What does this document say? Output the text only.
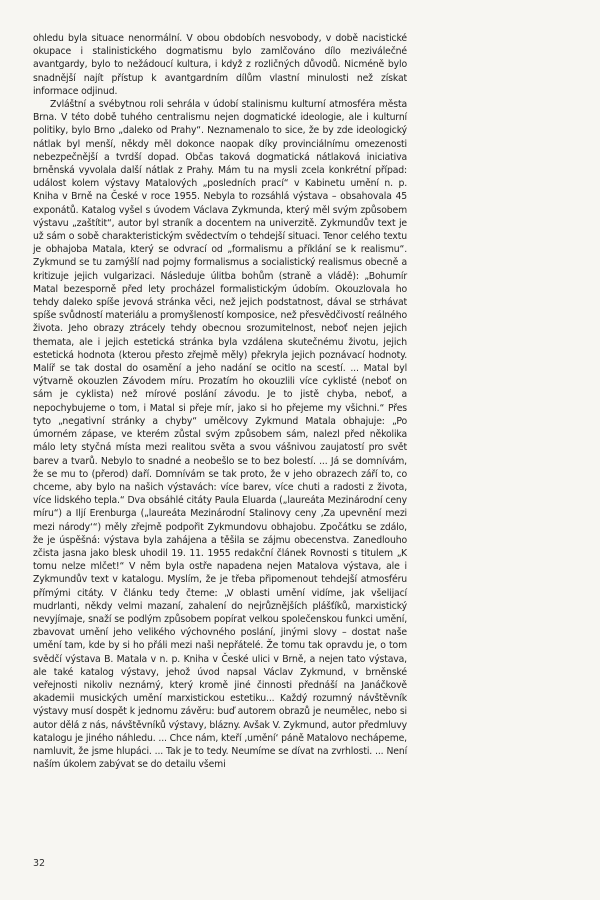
ohledu byla situace nenormální. V obou obdobích nesvobody, v době nacistické okupace i stalinistického dogmatismu bylo zamlčováno dílo meziválečné avantgardy, bylo to nežádoucí kultura, i když z rozličných důvodů. Nicméně bylo snadnější najít přístup k avantgardním dílům vlastní minulosti než získat informace odjinud.

Zvláštní a svébytnou roli sehrála v údobí stalinismu kulturní atmosféra města Brna. V této době tuhého centralismu nejen dogmatické ideologie, ale i kulturní politiky, bylo Brno „daleko od Prahy“. Neznamenalo to sice, že by zde ideologický nátlak byl menší, někdy měl dokonce naopak díky provinciálnímu omezenosti nebezpečnější a tvrdší dopad. Občas taková dogmatická nátlaková iniciativa brněnská vyvolala další nátlak z Prahy. Mám tu na mysli zcela konkrétní případ: událost kolem výstavy Matalových „posledních prací“ v Kabinetu umění n. p. Kniha v Brně na České v roce 1955. Nebyla to rozsáhlá výstava – obsahovala 45 exponátů. Katalog vyšel s úvodem Václava Zykmunda, který měl svým způsobem výstavu „zaštítit“, autor byl straník a docentem na univerzitě. Zykmundův text je už sám o sobě charakteristickým svědectvím o tehdejší situaci. Tenor celého textu je obhajoba Matala, který se odvrací od „formalismu a příklání se k realismu“. Zykmund se tu zamýšlí nad pojmy formalismus a socialistický realismus obecně a kritizuje jejich vulgarizaci. Následuje úlitba bohům (straně a vládě): „Bohumír Matal bezesporně před lety procházel formalistickým údobím. Okouzlovala ho tehdy daleko spíše jevová stránka věci, než jejich podstatnost, dával se strhávat spíše svůdností materiálu a promyšleností komposice, než přesvědčivostí reálného života. Jeho obrazy ztrácely tehdy obecnou srozumitelnost, neboť nejen jejich themata, ale i jejich estetická stránka byla vzdálena skutečnému životu, jejich estetická hodnota (kterou přesto zřejmě měly) překryla jejich poznávací hodnoty. Malíř se tak dostal do osamění a jeho nadání se ocitlo na scestí. ... Matal byl výtvarně okouzlen Závodem míru. Prozatím ho okouzlili více cyklisté (neboť on sám je cyklista) než mírové poslání závodu. Je to jistě chyba, neboť, a nepochybujeme o tom, i Matal si přeje mír, jako si ho přejeme my všichni.“ Přes tyto „negativní stránky a chyby“ umělcovy Zykmund Matala obhajuje: „Po úmorném zápase, ve kterém zůstal svým způsobem sám, nalezl před několika málo lety styčná místa mezi realitou světa a svou vášnivou zaujatostí pro svět barev a tvarů. Nebylo to snadné a neobešlo se to bez bolestí. ... Já se domnívám, že se mu to (přerod) daří. Domnívám se tak proto, že v jeho obrazech září to, co chceme, aby bylo na našich výstavách: více barev, více chuti a radosti z života, více lidského tepla.“ Dva obsáhlé citáty Paula Eluarda („laureáta Mezinárodní ceny míru“) a Iljí Erenburga („laureáta Mezinárodní Stalinovy ceny ‚Za upevnění mezi mezi národy‘“) měly zřejmě podpořit Zykmundovu obhajobu. Zpočátku se zdálo, že je úspěšná: výstava byla zahájena a těšila se zájmu obecenstva. Zanedlouho zčista jasna jako blesk uhodil 19. 11. 1955 redakční článek Rovnosti s titulem „K tomu nelze mlčet!“ V něm byla ostře napadena nejen Matalova výstava, ale i Zykmundův text v katalogu. Myslím, že je třeba připomenout tehdejší atmosféru přímými citáty. V článku tedy čteme: „V oblasti umění vidíme, jak všelijací mudrlanti, někdy velmi mazaní, zahalení do nejrůznějších plášťíků, marxistický nevyjímaje, snaží se podlým způsobem popírat velkou společenskou funkci umění, zbavovat umění jeho velikého výchovného poslání, jinými slovy – dostat naše umění tam, kde by si ho přáli mezi naši nepřátelé. Že tomu tak opravdu je, o tom svědčí výstava B. Matala v n. p. Kniha v České ulici v Brně, a nejen tato výstava, ale také katalog výstavy, jehož úvod napsal Václav Zykmund, v brněnské veřejnosti nikoliv neznámý, který kromě jiné činnosti přednáší na Janáčkově akademii musických umění marxistickou estetiku... Každý rozumný návštěvník výstavy musí dospět k jednomu závěru: buď autorem obrazů je neumělec, nebo si autor dělá z nás, návštěvníků výstavy, blázny. Avšak V. Zykmund, autor předmluvy katalogu je jiného náhledu. ... Chce nám, kteří ‚umění‘ páně Matalovo nechápeme, namluvit, že jsme hlupáci. ... Tak je to tedy. Neumíme se dívat na zvrhlosti. ... Není naším úkolem zabývat se do detailu všemi

32
